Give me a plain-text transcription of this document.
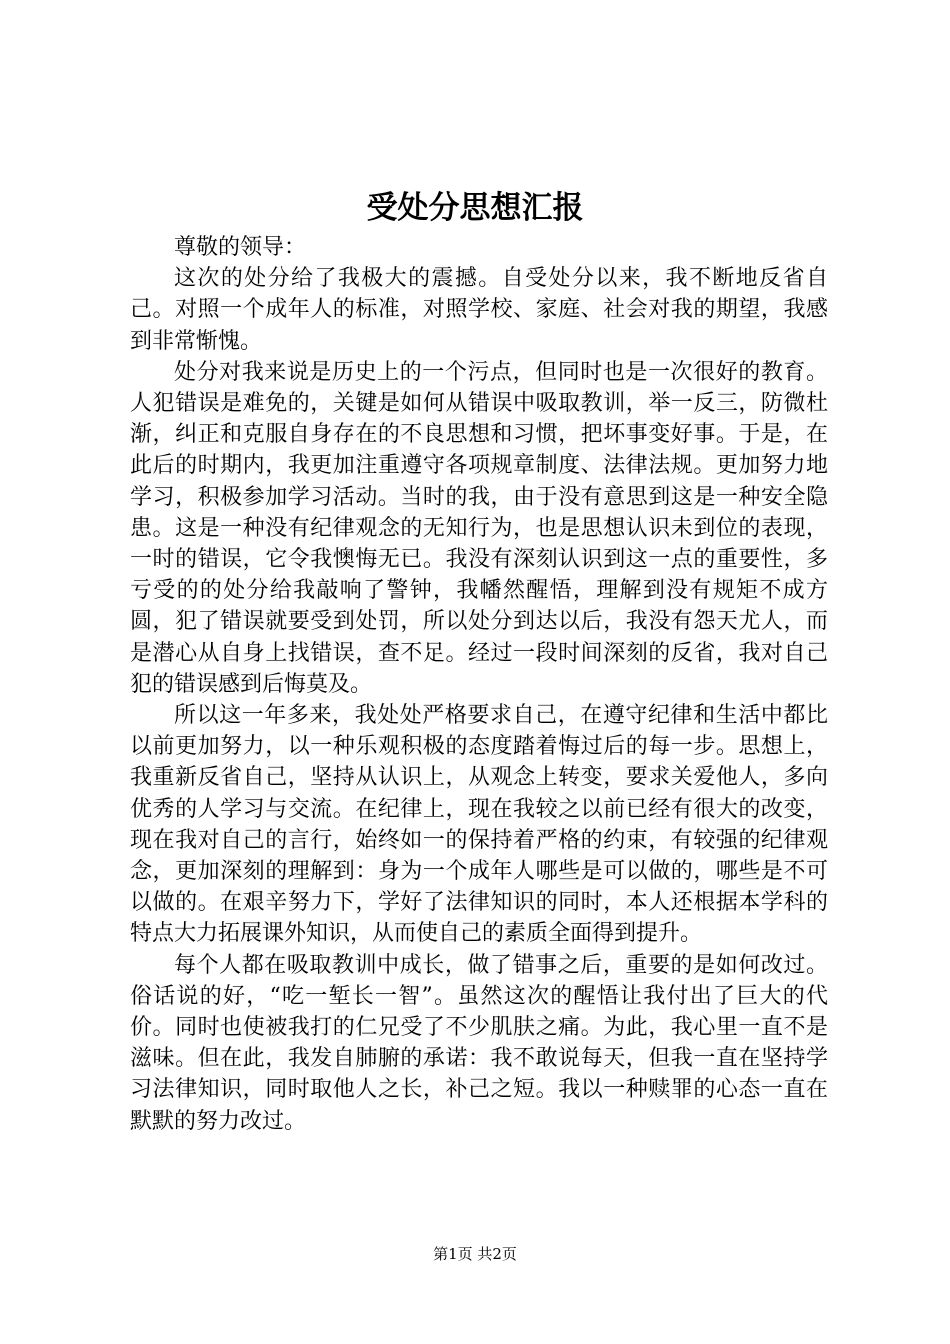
受处分思想汇报

尊敬的领导：

这次的处分给了我极大的震撼。自受处分以来，我不断地反省自己。对照一个成年人的标准，对照学校、家庭、社会对我的期望，我感到非常惭愧。

处分对我来说是历史上的一个污点，但同时也是一次很好的教育。人犯错误是难免的，关键是如何从错误中吸取教训，举一反三，防微杜渐，纠正和克服自身存在的不良思想和习惯，把坏事变好事。于是，在此后的时期内，我更加注重遵守各项规章制度、法律法规。更加努力地学习，积极参加学习活动。当时的我，由于没有意思到这是一种安全隐患。这是一种没有纪律观念的无知行为，也是思想认识未到位的表现，一时的错误，它令我懊悔无已。我没有深刻认识到这一点的重要性，多亏受的的处分给我敲响了警钟，我幡然醒悟，理解到没有规矩不成方圆，犯了错误就要受到处罚，所以处分到达以后，我没有怨天尤人，而是潜心从自身上找错误，查不足。经过一段时间深刻的反省，我对自己犯的错误感到后悔莫及。

所以这一年多来，我处处严格要求自己，在遵守纪律和生活中都比以前更加努力，以一种乐观积极的态度踏着悔过后的每一步。思想上，我重新反省自己，坚持从认识上，从观念上转变，要求关爱他人，多向优秀的人学习与交流。在纪律上，现在我较之以前已经有很大的改变，现在我对自己的言行，始终如一的保持着严格的约束，有较强的纪律观念，更加深刻的理解到：身为一个成年人哪些是可以做的，哪些是不可以做的。在艰辛努力下，学好了法律知识的同时，本人还根据本学科的特点大力拓展课外知识，从而使自己的素质全面得到提升。

每个人都在吸取教训中成长，做了错事之后，重要的是如何改过。俗话说的好，“吃一堑长一智”。虽然这次的醒悟让我付出了巨大的代价。同时也使被我打的仁兄受了不少肌肤之痛。为此，我心里一直不是滋味。但在此，我发自肺腑的承诺：我不敢说每天，但我一直在坚持学习法律知识，同时取他人之长，补己之短。我以一种赎罪的心态一直在默默的努力改过。

第1页 共2页
